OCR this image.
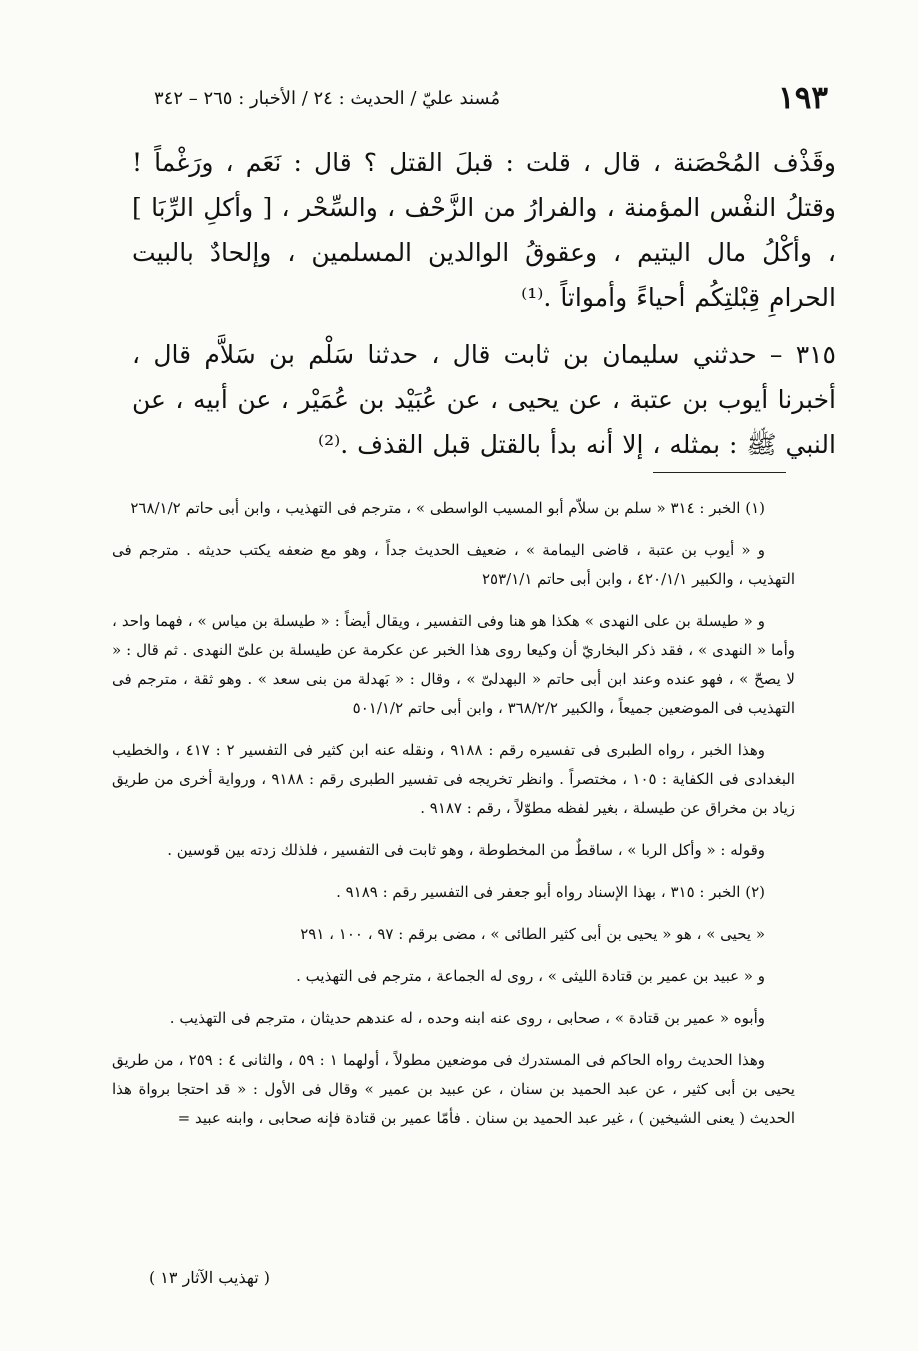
١٩٣
مُسند عليّ / الحديث : ٢٤ / الأخبار : ٢٦٥ – ٣٤٢

وقَذْف المُحْصَنة ، قال ، قلت : قبلَ القتل ؟ قال : نَعَم ، ورَغْماً ! وقتلُ النفْس المؤمنة ، والفرارُ من الزَّحْف ، والسِّحْر ، [ وأكلِ الرِّبَا ] ، وأكْلُ مال اليتيم ، وعقوقُ الوالدين المسلمين ، وإلحادٌ بالبيت الحرامِ قِبْلتِكُم أحياءً وأمواتاً .⁽¹⁾

٣١٥ – حدثني سليمان بن ثابت قال ، حدثنا سَلْم بن سَلاَّم قال ، أخبرنا أيوب بن عتبة ، عن يحيى ، عن عُبَيْد بن عُمَيْر ، عن أبيه ، عن النبي ﷺ : بمثله ، إلا أنه بدأ بالقتل قبل القذف .⁽²⁾

(١) الخبر : ٣١٤ « سلم بن سلاّم أبو المسيب الواسطى » ، مترجم فى التهذيب ، وابن أبى حاتم ٢٦٨/١/٢

و « أيوب بن عتبة ، قاضى اليمامة » ، ضعيف الحديث جداً ، وهو مع ضعفه يكتب حديثه . مترجم فى التهذيب ، والكبير ٤٢٠/١/١ ، وابن أبى حاتم ٢٥٣/١/١

و « طيسلة بن على النهدى » هكذا هو هنا وفى التفسير ، ويقال أيضاً : « طيسلة بن مياس » ، فهما واحد ، وأما « النهدى » ، فقد ذكر البخاريّ أن وكيعا روى هذا الخبر عن عكرمة عن طيسلة بن علىّ النهدى . ثم قال : « لا يصحّ » ، فهو عنده وعند ابن أبى حاتم « البهدلىّ » ، وقال : « بَهدلة من بنى سعد » . وهو ثقة ، مترجم فى التهذيب فى الموضعين جميعاً ، والكبير ٣٦٨/٢/٢ ، وابن أبى حاتم ٥٠١/١/٢

وهذا الخبر ، رواه الطبرى فى تفسيره رقم : ٩١٨٨ ، ونقله عنه ابن كثير فى التفسير ٢ : ٤١٧ ، والخطيب البغدادى فى الكفاية : ١٠٥ ، مختصراً . وانظر تخريجه فى تفسير الطبرى رقم : ٩١٨٨ ، ورواية أخرى من طريق زياد بن مخراق عن طيسلة ، بغير لفظه مطوّلاً ، رقم : ٩١٨٧ .

وقوله : « وأكل الربا » ، ساقطٌ من المخطوطة ، وهو ثابت فى التفسير ، فلذلك زدته بين قوسين .

(٢) الخبر : ٣١٥ ، بهذا الإسناد رواه أبو جعفر فى التفسير رقم : ٩١٨٩ .

« يحيى » ، هو « يحيى بن أبى كثير الطائى » ، مضى برقم : ٩٧ ، ١٠٠ ، ٢٩١

و « عبيد بن عمير بن قتادة الليثى » ، روى له الجماعة ، مترجم فى التهذيب .

وأبوه « عمير بن قتادة » ، صحابى ، روى عنه ابنه وحده ، له عندهم حديثان ، مترجم فى التهذيب .

وهذا الحديث رواه الحاكم فى المستدرك فى موضعين مطولاً ، أولهما ١ : ٥٩ ، والثانى ٤ : ٢٥٩ ، من طريق يحيى بن أبى كثير ، عن عبد الحميد بن سنان ، عن عبيد بن عمير » وقال فى الأول : « قد احتجا برواة هذا الحديث ( يعنى الشيخين ) ، غير عبد الحميد بن سنان . فأمّا عمير بن قتادة فإنه صحابى ، وابنه عبيد =

( تهذيب الآثار ١٣ )
